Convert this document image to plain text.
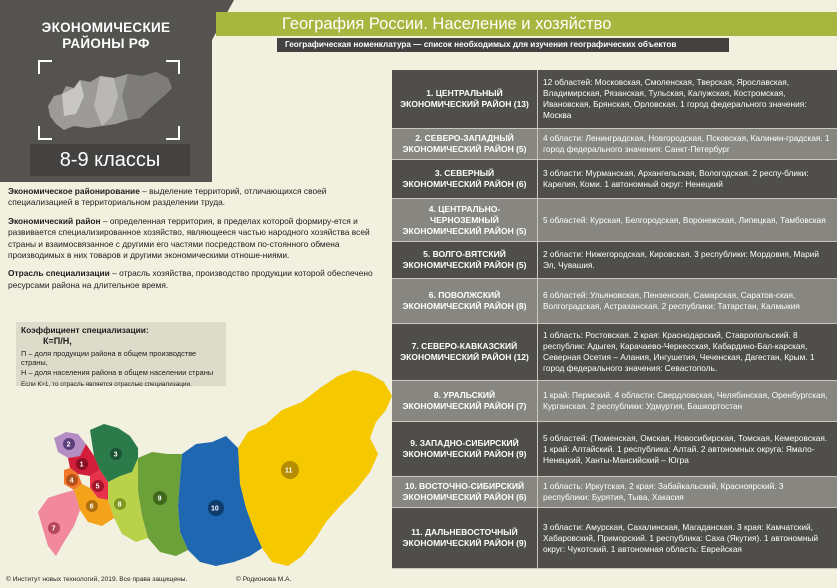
ЭКОНОМИЧЕСКИЕ
РАЙОНЫ РФ
8-9 классы
География России. Население и хозяйство
Географическая номенклатура — список необходимых для изучения географических объектов

Экономическое районирование – выделение территорий, отличающихся своей специализацией в территориальном разделении труда.

Экономический район – определенная территория, в пределах которой формиру-ется и развивается специализированное хозяйство, являющееся частью народного хозяйства всей страны и взаимосвязанное с другими его частями посредством по-стоянного обмена производимых в них товаров и другими экономическими отноше-ниями.

Отрасль специализации – отрасль хозяйства, производство продукции которой обеспечено ресурсами района на длительное время.

Коэффициент специализации:
К=П/Н,
П – доля продукции района в общем производстве страны,
Н – доля населения района в общем населении страны
Если К>1, то отрасль является отраслью специализации.
2
1
3
4
5
6
7
8
9
10
11
1. ЦЕНТРАЛЬНЫЙ ЭКОНОМИЧЕСКИЙ РАЙОН (13)
12 областей: Московская, Смоленская, Тверская, Ярославская, Владимирская, Рязанская, Тульская, Калужская, Костромская, Ивановская, Брянская, Орловская. 1 город федерального значения: Москва
2. СЕВЕРО-ЗАПАДНЫЙ ЭКОНОМИЧЕСКИЙ РАЙОН (5)
4 области: Ленинградская, Новгородская, Псковская, Калинин-градская. 1 город федерального значения: Санкт-Петербург
3. СЕВЕРНЫЙ ЭКОНОМИЧЕСКИЙ РАЙОН (6)
3 области: Мурманская, Архангельская, Вологодская. 2 респу-блики: Карелия, Коми. 1 автономный округ: Ненецкий
4. ЦЕНТРАЛЬНО-ЧЕРНОЗЕМНЫЙ ЭКОНОМИЧЕСКИЙ РАЙОН (5)
5 областей: Курская, Белгородская, Воронежская, Липецкая, Тамбовская
5. ВОЛГО-ВЯТСКИЙ ЭКОНОМИЧЕСКИЙ РАЙОН (5)
2 области: Нижегородская, Кировская. 3 республики: Мордовия, Марий Эл, Чувашия.
6. ПОВОЛЖСКИЙ ЭКОНОМИЧЕСКИЙ РАЙОН (8)
6 областей: Ульяновская, Пензенская, Самарская, Саратов-ская, Волгоградская, Астраханская. 2 республики: Татарстан, Калмыкия
7. СЕВЕРО-КАВКАЗСКИЙ ЭКОНОМИЧЕСКИЙ РАЙОН (12)
1 область: Ростовская. 2 края: Краснодарский, Ставропольский. 8 республик: Адыгея, Карачаево-Черкесская, Кабардино-Бал-карская, Северная Осетия – Алания, Ингушетия, Чеченская, Дагестан, Крым. 1 город федерального значения: Севастополь.
8. УРАЛЬСКИЙ ЭКОНОМИЧЕСКИЙ РАЙОН (7)
1 край: Пермский. 4 области: Свердловская, Челябинская, Оренбургская, Курганская. 2 республики: Удмуртия, Башкортостан
9. ЗАПАДНО-СИБИРСКИЙ ЭКОНОМИЧЕСКИЙ РАЙОН (9)
5 областей: (Тюменская, Омская, Новосибирская, Томская, Кемеровская. 1 край: Алтайский. 1 республика: Алтай. 2 автономных округа: Ямало-Ненецкий, Ханты-Мансийский – Югра
10. ВОСТОЧНО-СИБИРСКИЙ ЭКОНОМИЧЕСКИЙ РАЙОН (6)
1 область: Иркутская. 2 края: Забайкальский, Красноярский. 3 республики: Бурятия, Тыва, Хакасия
11. ДАЛЬНЕВОСТОЧНЫЙ ЭКОНОМИЧЕСКИЙ РАЙОН (9)
3 области: Амурская, Сахалинская, Магаданская. 3 края: Камчатский, Хабаровский, Приморский. 1 республика: Саха (Якутия). 1 автономный округ: Чукотский. 1 автономная область: Еврейская
© Институт новых технологий, 2019. Все права защищены.	© Родионова М.А.
